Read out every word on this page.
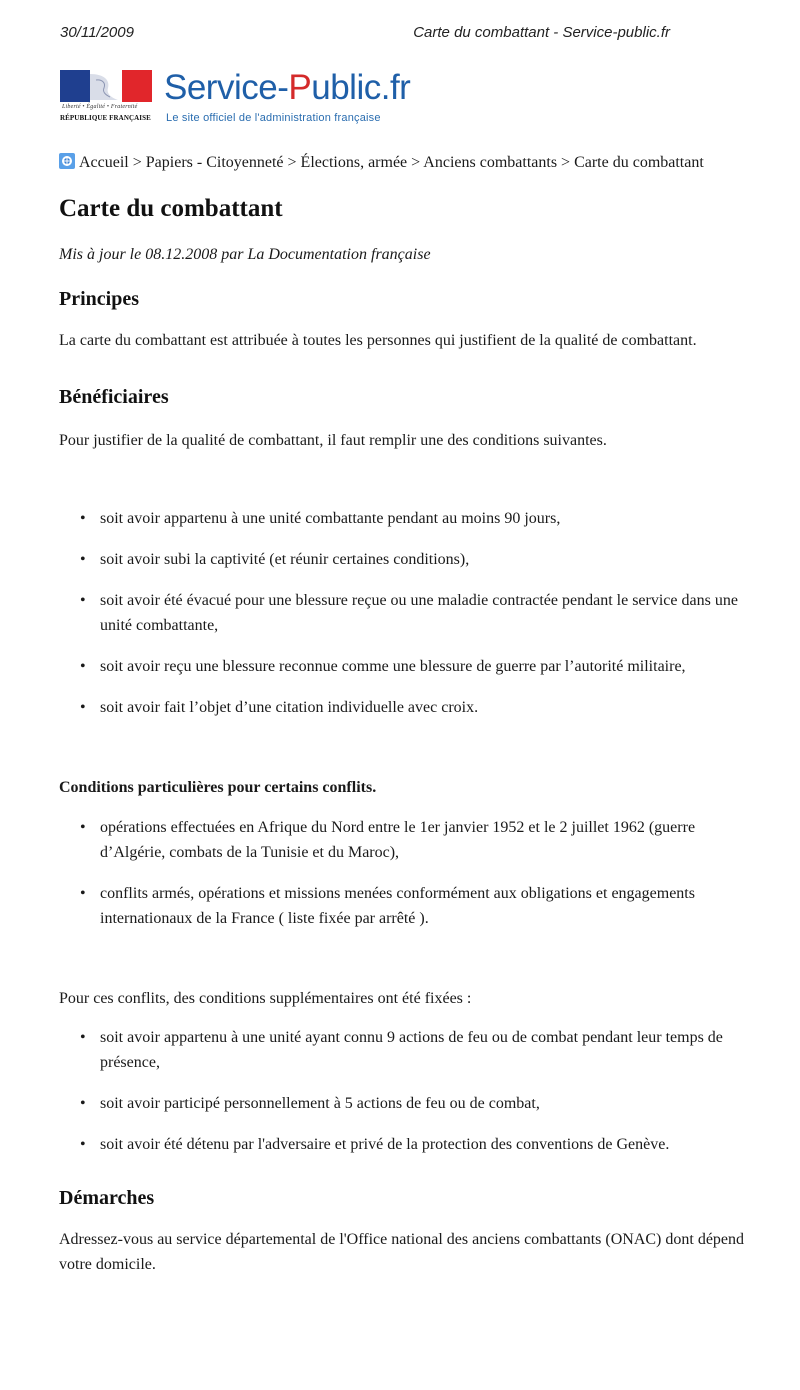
30/11/2009	Carte du combattant - Service-public.fr
Liberté • Égalité • Fraternité
RÉPUBLIQUE FRANÇAISE
Service-Public.fr
Le site officiel de l'administration française
Accueil > Papiers - Citoyenneté > Élections, armée > Anciens combattants > Carte du combattant
Carte du combattant
Mis à jour le 08.12.2008 par La Documentation française
Principes

La carte du combattant est attribuée à toutes les personnes qui justifient de la qualité de combattant.

Bénéficiaires

Pour justifier de la qualité de combattant, il faut remplir une des conditions suivantes.

• soit avoir appartenu à une unité combattante pendant au moins 90 jours,
• soit avoir subi la captivité (et réunir certaines conditions),
• soit avoir été évacué pour une blessure reçue ou une maladie contractée pendant le service dans une unité combattante,
• soit avoir reçu une blessure reconnue comme une blessure de guerre par l’autorité militaire,
• soit avoir fait l’objet d’une citation individuelle avec croix.
Conditions particulières pour certains conflits.
• opérations effectuées en Afrique du Nord entre le 1er janvier 1952 et le 2 juillet 1962 (guerre d’Algérie, combats de la Tunisie et du Maroc),
• conflits armés, opérations et missions menées conformément aux obligations et engagements internationaux de la France ( liste fixée par arrêté ).

Pour ces conflits, des conditions supplémentaires ont été fixées :

• soit avoir appartenu à une unité ayant connu 9 actions de feu ou de combat pendant leur temps de présence,
• soit avoir participé personnellement à 5 actions de feu ou de combat,
• soit avoir été détenu par l'adversaire et privé de la protection des conventions de Genève.
Démarches

Adressez-vous au service départemental de l'Office national des anciens combattants (ONAC) dont dépend votre domicile.
